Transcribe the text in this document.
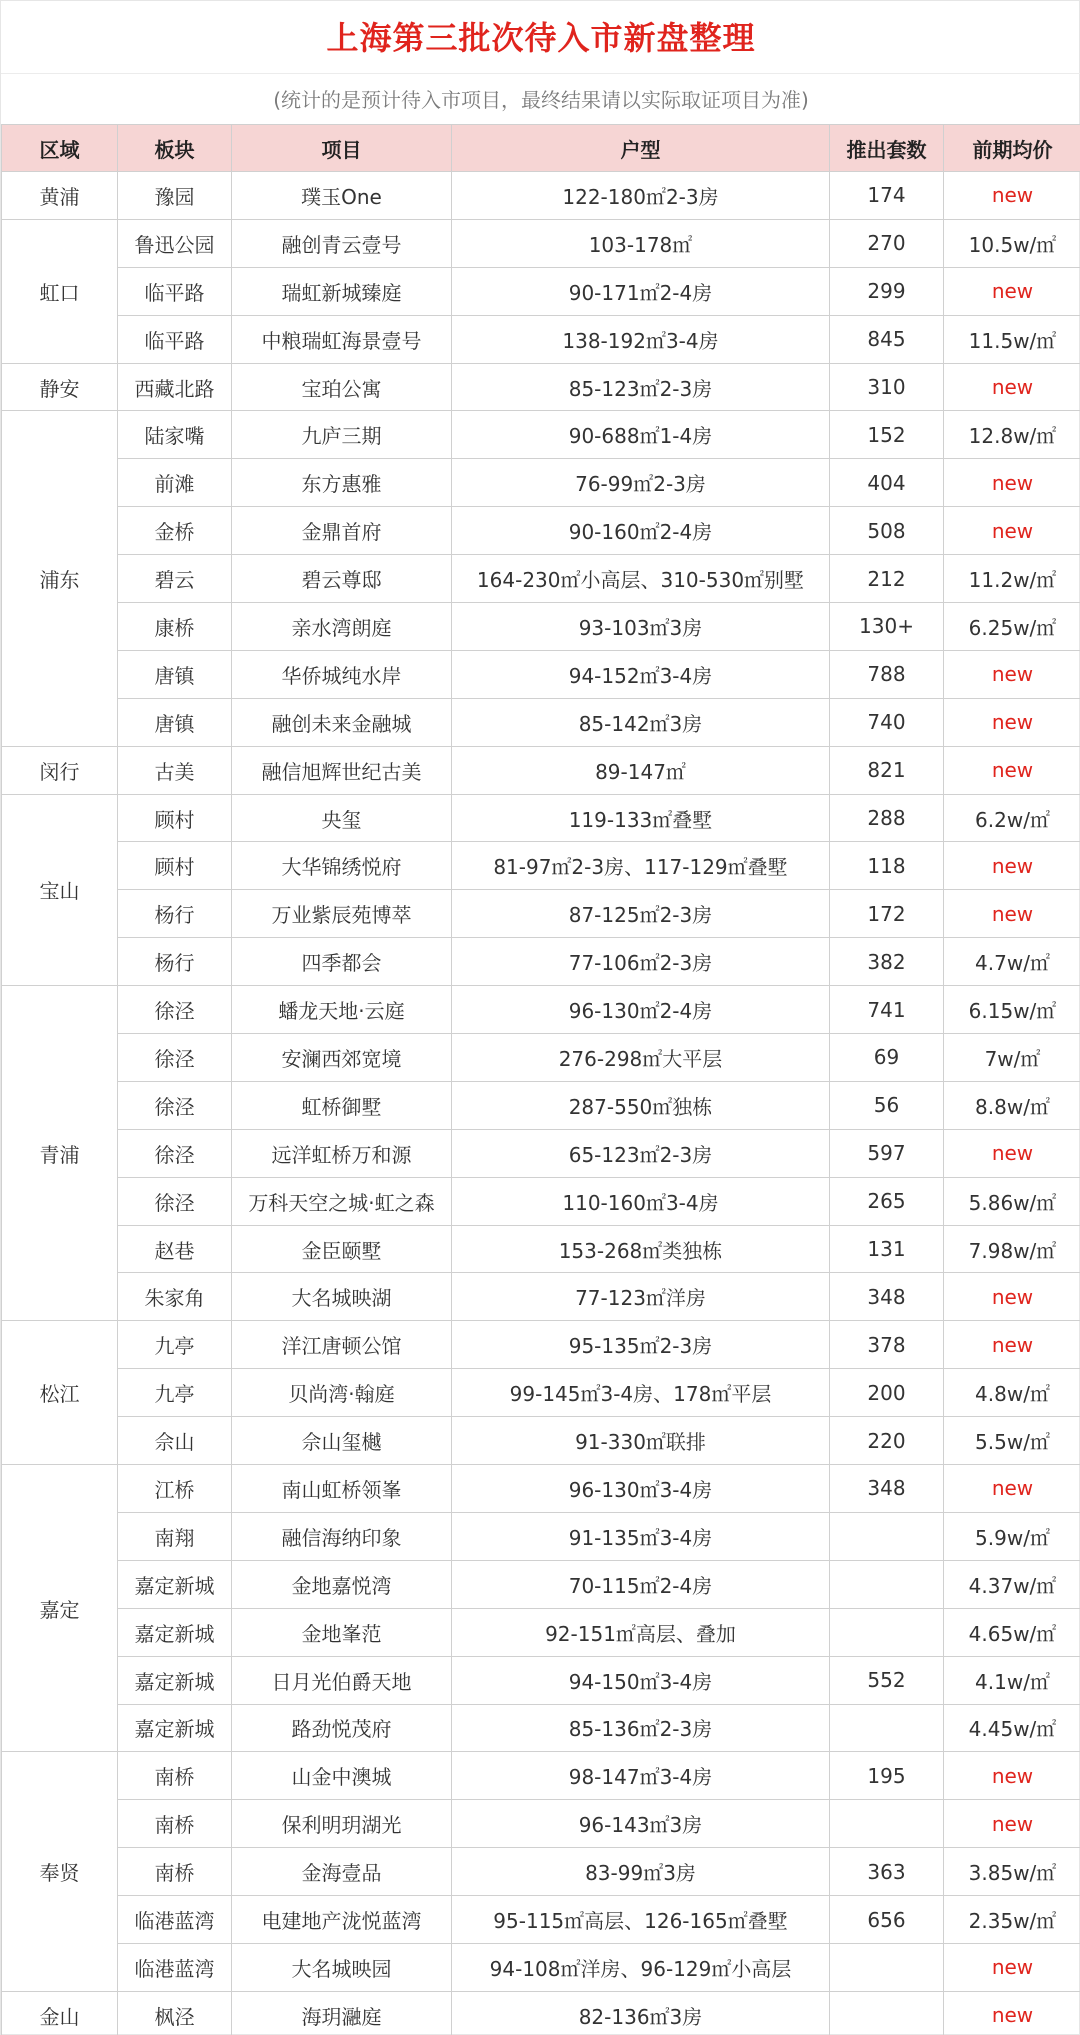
上海第三批次待入市新盘整理
(统计的是预计待入市项目，最终结果请以实际取证项目为准)
区域	板块	项目	户型	推出套数	前期均价
黄浦	豫园	璞玉One	122-180㎡2-3房	174	new
虹口	鲁迅公园	融创青云壹号	103-178㎡	270	10.5w/㎡
	临平路	瑞虹新城臻庭	90-171㎡2-4房	299	new
	临平路	中粮瑞虹海景壹号	138-192㎡3-4房	845	11.5w/㎡
静安	西藏北路	宝珀公寓	85-123㎡2-3房	310	new
浦东	陆家嘴	九庐三期	90-688㎡1-4房	152	12.8w/㎡
	前滩	东方惠雅	76-99㎡2-3房	404	new
	金桥	金鼎首府	90-160㎡2-4房	508	new
	碧云	碧云尊邸	164-230㎡小高层、310-530㎡别墅	212	11.2w/㎡
	康桥	亲水湾朗庭	93-103㎡3房	130+	6.25w/㎡
	唐镇	华侨城纯水岸	94-152㎡3-4房	788	new
	唐镇	融创未来金融城	85-142㎡3房	740	new
闵行	古美	融信旭辉世纪古美	89-147㎡	821	new
宝山	顾村	央玺	119-133㎡叠墅	288	6.2w/㎡
	顾村	大华锦绣悦府	81-97㎡2-3房、117-129㎡叠墅	118	new
	杨行	万业紫辰苑博萃	87-125㎡2-3房	172	new
	杨行	四季都会	77-106㎡2-3房	382	4.7w/㎡
青浦	徐泾	蟠龙天地·云庭	96-130㎡2-4房	741	6.15w/㎡
	徐泾	安澜西郊宽境	276-298㎡大平层	69	7w/㎡
	徐泾	虹桥御墅	287-550㎡独栋	56	8.8w/㎡
	徐泾	远洋虹桥万和源	65-123㎡2-3房	597	new
	徐泾	万科天空之城·虹之森	110-160㎡3-4房	265	5.86w/㎡
	赵巷	金臣颐墅	153-268㎡类独栋	131	7.98w/㎡
	朱家角	大名城映湖	77-123㎡洋房	348	new
松江	九亭	洋江唐顿公馆	95-135㎡2-3房	378	new
	九亭	贝尚湾·翰庭	99-145㎡3-4房、178㎡平层	200	4.8w/㎡
	佘山	佘山玺樾	91-330㎡联排	220	5.5w/㎡
嘉定	江桥	南山虹桥领峯	96-130㎡3-4房	348	new
	南翔	融信海纳印象	91-135㎡3-4房		5.9w/㎡
	嘉定新城	金地嘉悦湾	70-115㎡2-4房		4.37w/㎡
	嘉定新城	金地峯范	92-151㎡高层、叠加		4.65w/㎡
	嘉定新城	日月光伯爵天地	94-150㎡3-4房	552	4.1w/㎡
	嘉定新城	路劲悦茂府	85-136㎡2-3房		4.45w/㎡
奉贤	南桥	山金中澳城	98-147㎡3-4房	195	new
	南桥	保利明玥湖光	96-143㎡3房		new
	南桥	金海壹品	83-99㎡3房	363	3.85w/㎡
	临港蓝湾	电建地产泷悦蓝湾	95-115㎡高层、126-165㎡叠墅	656	2.35w/㎡
	临港蓝湾	大名城映园	94-108㎡洋房、96-129㎡小高层		new
金山	枫泾	海玥瀜庭	82-136㎡3房		new
